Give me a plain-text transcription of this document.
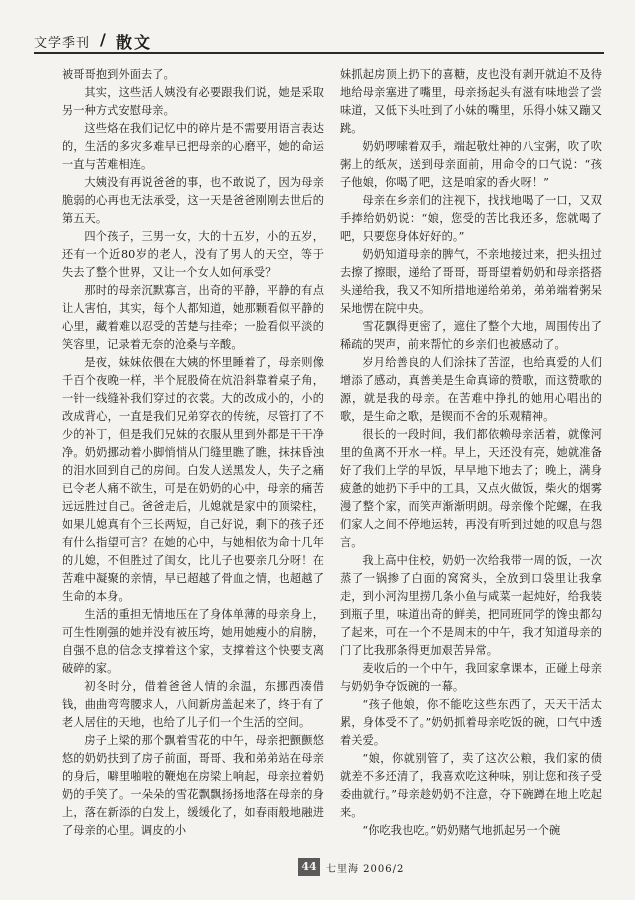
文学季刊 / 散文

被哥哥抱到外面去了。

其实，这些活人姨没有必要跟我们说，她是采取另一种方式安慰母亲。

这些烙在我们记忆中的碎片是不需要用语言表达的，生活的多灾多难早已把母亲的心磨平，她的命运一直与苦难相连。

大姨没有再说爸爸的事，也不敢说了，因为母亲脆弱的心再也无法承受，这一天是爸爸刚刚去世后的第五天。

四个孩子，三男一女，大的十五岁，小的五岁，还有一个近80岁的老人，没有了男人的天空，等于失去了整个世界，又让一个女人如何承受？

那时的母亲沉默寡言，出奇的平静，平静的有点让人害怕，其实，每个人都知道，她那颗看似平静的心里，藏着难以忍受的苦楚与挂牵；一脸看似平淡的笑容里，记录着无奈的沧桑与辛酸。

是夜，妹妹依偎在大姨的怀里睡着了，母亲则像千百个夜晚一样，半个屁股倚在炕沿斜靠着桌子角，一针一线缝补我们穿过的衣裳。大的改成小的，小的改成背心，一直是我们兄弟穿衣的传统，尽管打了不少的补丁，但是我们兄妹的衣服从里到外都是干干净净。奶奶挪动着小脚悄悄从门缝里瞧了瞧，抹抹昏浊的泪水回到自己的房间。白发人送黑发人，失子之痛已令老人痛不欲生，可是在奶奶的心中，母亲的痛苦远远胜过自己。爸爸走后，儿媳就是家中的顶梁柱，如果儿媳真有个三长两短，自己好说，剩下的孩子还有什么指望可言？在她的心中，与她相依为命十几年的儿媳，不但胜过了闺女，比儿子也要亲几分呀！在苦难中凝聚的亲情，早已超越了骨血之情，也超越了生命的本身。

生活的重担无情地压在了身体单薄的母亲身上，可生性刚强的她并没有被压垮，她用她瘦小的肩膀，自强不息的信念支撑着这个家，支撑着这个快要支离破碎的家。

初冬时分，借着爸爸人情的余温，东挪西凑借钱，曲曲弯弯腰求人，八间新房盖起来了，终于有了老人居住的天地，也给了儿子们一个生活的空间。

房子上梁的那个飘着雪花的中午，母亲把颤颤悠悠的奶奶扶到了房子前面，哥哥、我和弟弟站在母亲的身后，噼里啪啦的鞭炮在房梁上响起，母亲拉着奶奶的手笑了。一朵朵的雪花飘飘扬扬地落在母亲的身上，落在新添的白发上，缓缓化了，如春雨般地融进了母亲的心里。调皮的小

妹抓起房顶上扔下的喜糖，皮也没有剥开就迫不及待地给母亲塞进了嘴里，母亲扬起头有滋有味地尝了尝味道，又低下头吐到了小妹的嘴里，乐得小妹又蹦又跳。

奶奶啰嗦着双手，端起敬灶神的八宝粥，吹了吹粥上的纸灰，送到母亲面前，用命令的口气说：“孩子他娘，你喝了吧，这是咱家的香火呀！”

母亲在乡亲们的注视下，找找地喝了一口，又双手捧给奶奶说：“娘，您受的苦比我还多，您就喝了吧，只要您身体好好的。”

奶奶知道母亲的脾气，不亲地接过来，把头扭过去擦了擦眼，递给了哥哥，哥哥望着奶奶和母亲搭搭头递给我，我又不知所措地递给弟弟，弟弟端着粥呆呆地愣在院中央。

雪花飘得更密了，遮住了整个大地，周围传出了稀疏的哭声，前来帮忙的乡亲们也被感动了。

岁月给善良的人们涂抹了苦涩，也给真爱的人们增添了感动，真善美是生命真谛的赞歌，而这赞歌的源，就是我的母亲。在苦难中挣扎的她用心唱出的歌，是生命之歌，是锲而不舍的乐观精神。

很长的一段时间，我们都依赖母亲活着，就像河里的鱼离不开水一样。早上，天还没有亮，她就准备好了我们上学的早饭，早早地下地去了；晚上，满身疲惫的她扔下手中的工具，又点火做饭，柴火的烟雾漫了整个家，而笑声渐渐明朗。母亲像个陀螺，在我们家人之间不停地运转，再没有听到过她的叹息与怨言。

我上高中住校，奶奶一次给我带一周的饭，一次蒸了一锅掺了白面的窝窝头，全放到口袋里让我拿走，到小河沟里捞几条小鱼与咸菜一起炖好，给我装到瓶子里，味道出奇的鲜美，把同班同学的馋虫都勾了起来，可在一个不是周末的中午，我才知道母亲的门了比我那条得更加艰苦异常。

麦收后的一个中午，我回家拿课本，正碰上母亲与奶奶争夺饭碗的一幕。

“孩子他娘，你不能吃这些东西了，天天干活太累，身体受不了。”奶奶抓着母亲吃饭的碗，口气中透着关爱。

“娘，你就别管了，卖了这次公粮，我们家的债就差不多还清了，我喜欢吃这种味，别让您和孩子受委曲就行。”母亲趁奶奶不注意，夺下碗蹲在地上吃起来。

“你吃我也吃。”奶奶赌气地抓起另一个碗

44 七里海 2006/2
